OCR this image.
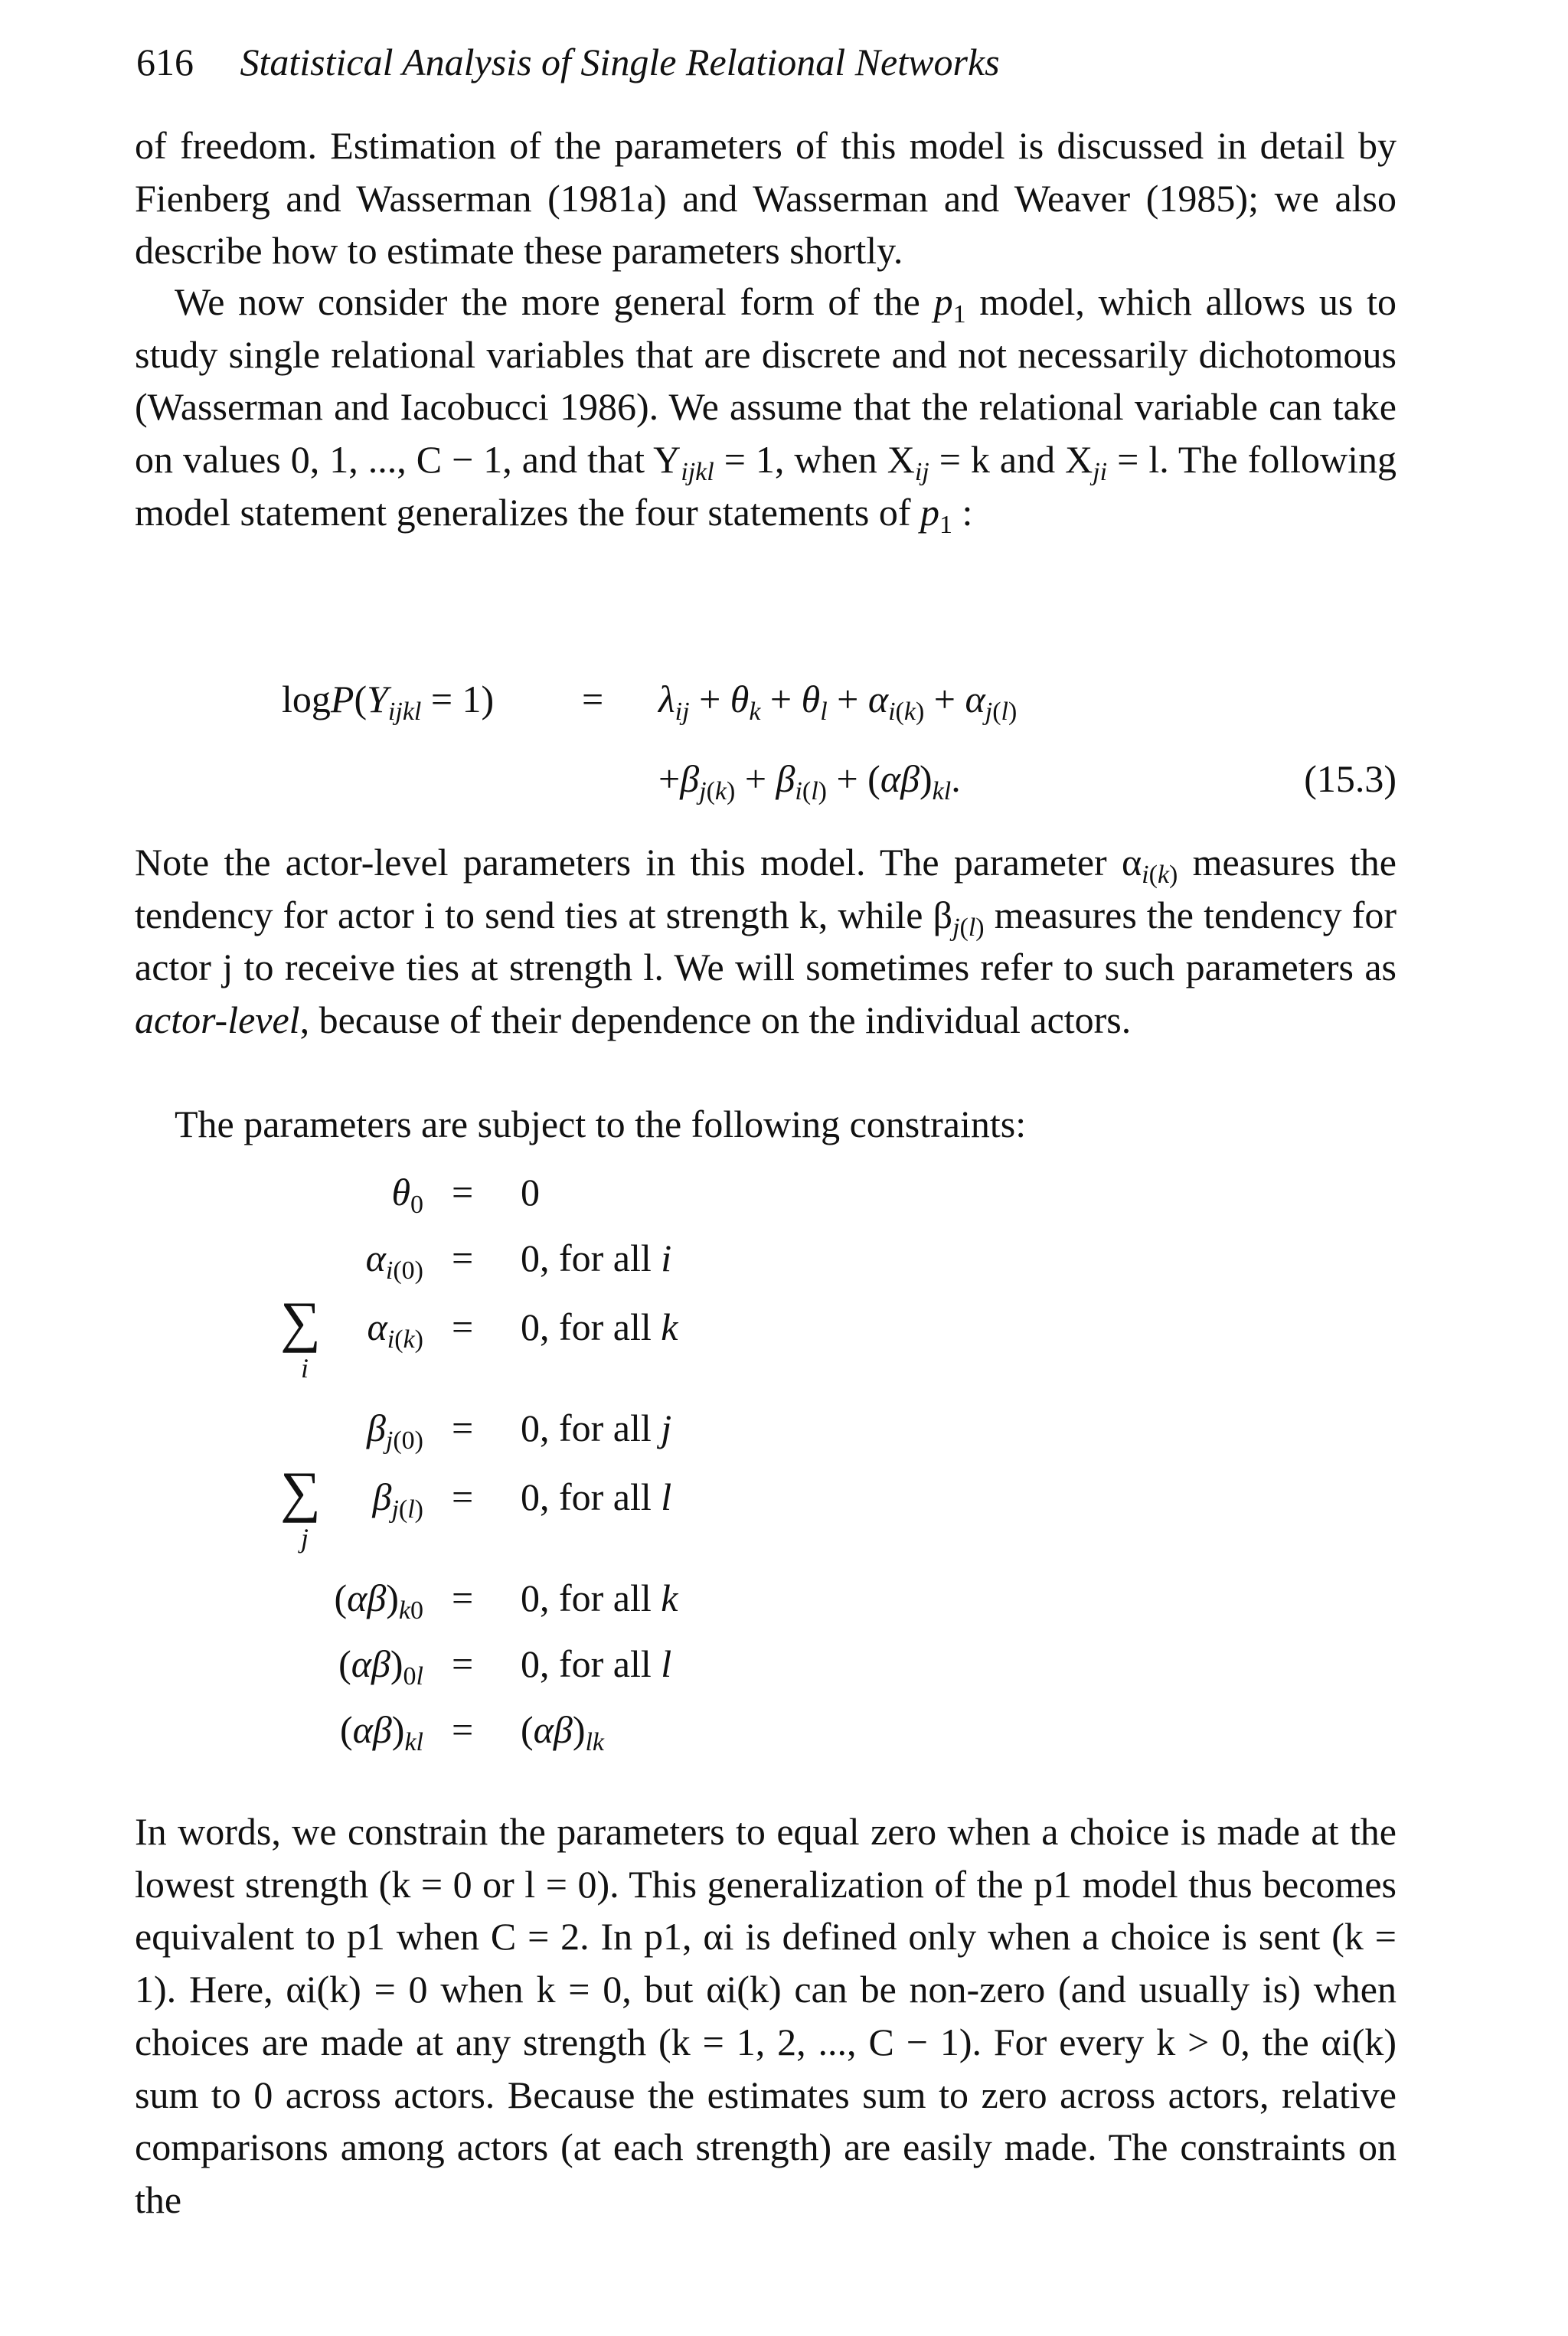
616 Statistical Analysis of Single Relational Networks
of freedom. Estimation of the parameters of this model is discussed in detail by Fienberg and Wasserman (1981a) and Wasserman and Weaver (1985); we also describe how to estimate these parameters shortly.
We now consider the more general form of the $p_1$ model, which allows us to study single relational variables that are discrete and not necessarily dichotomous (Wasserman and Iacobucci 1986). We assume that the relational variable can take on values 0, 1, ..., C − 1, and that $Y_{ijkl} = 1$, when $X_{ij} = k$ and $X_{ji} = l$. The following model statement generalizes the four statements of $p_1$ :
$\log P(Y_{ijkl} = 1) = \lambda_{ij} + \theta_k + \theta_l + \alpha_{i(k)} + \alpha_{j(l)}$
$+\beta_{j(k)} + \beta_{i(l)} + (\alpha\beta)_{kl}$.	(15.3)
Note the actor-level parameters in this model. The parameter $\alpha_{i(k)}$ measures the tendency for actor i to send ties at strength k, while $\beta_{j(l)}$ measures the tendency for actor j to receive ties at strength l. We will sometimes refer to such parameters as actor-level, because of their dependence on the individual actors.
The parameters are subject to the following constraints:
$\theta_0 = 0$
$\alpha_{i(0)} = 0$, for all i
∑
i
$\alpha_{i(k)} = 0$, for all k
$\beta_{j(0)} = 0$, for all j
∑
j
$\beta_{j(l)} = 0$, for all l
$(\alpha\beta)_{k0} = 0$, for all k
$(\alpha\beta)_{0l} = 0$, for all l
$(\alpha\beta)_{kl} = (\alpha\beta)_{lk}$
In words, we constrain the parameters to equal zero when a choice is made at the lowest strength (k = 0 or l = 0). This generalization of the p1 model thus becomes equivalent to p1 when C = 2. In p1, αi is defined only when a choice is sent (k = 1). Here, αi(k) = 0 when k = 0, but αi(k) can be non-zero (and usually is) when choices are made at any strength (k = 1, 2, ..., C − 1). For every k > 0, the αi(k) sum to 0 across actors. Because the estimates sum to zero across actors, relative comparisons among actors (at each strength) are easily made. The constraints on the
